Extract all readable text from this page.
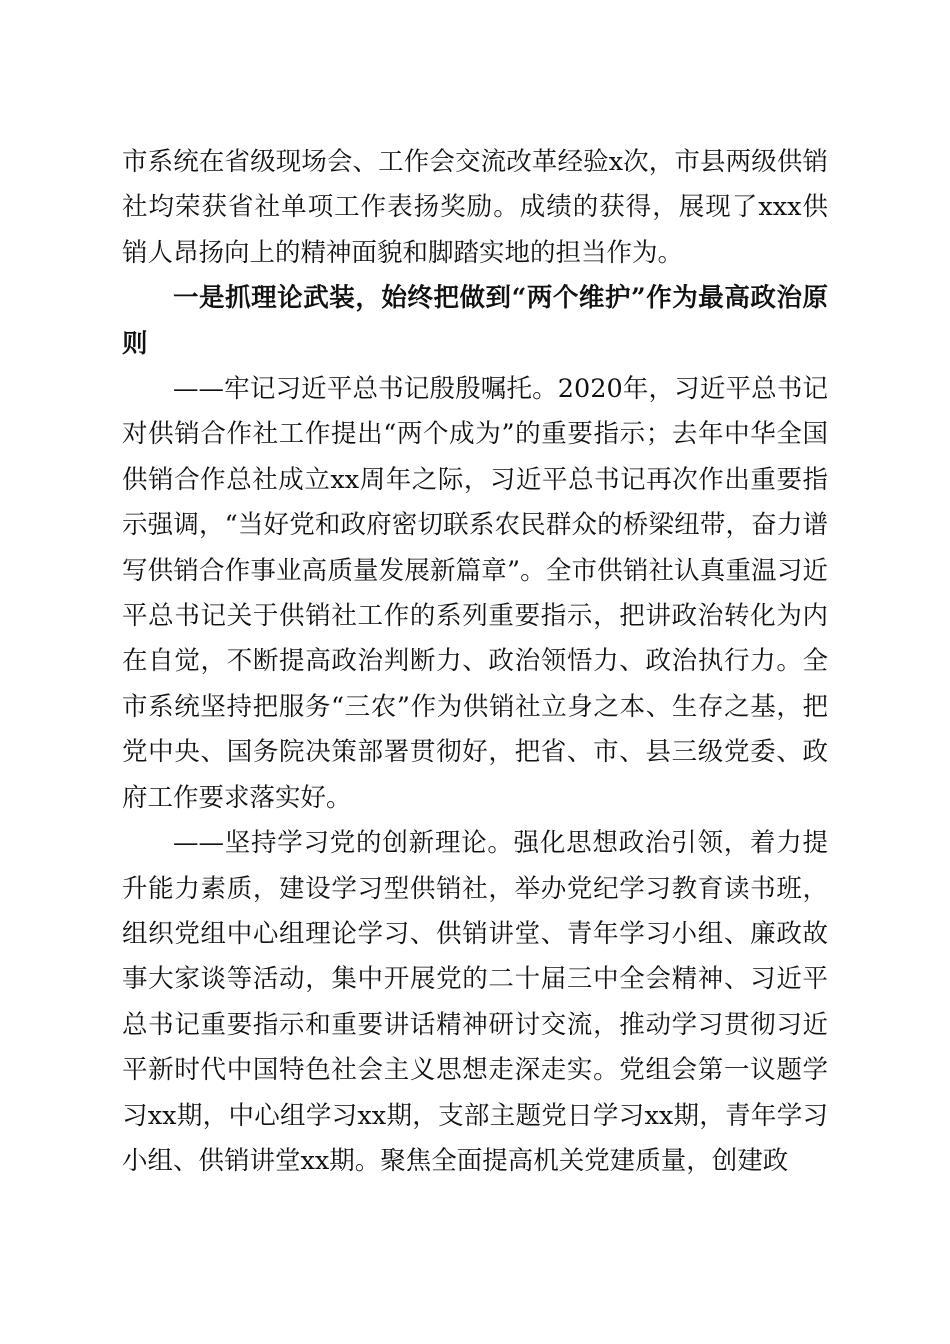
市系统在省级现场会、工作会交流改革经验x次，市县两级供销社均荣获省社单项工作表扬奖励。成绩的获得，展现了xxx供销人昂扬向上的精神面貌和脚踏实地的担当作为。

一是抓理论武装，始终把做到“两个维护”作为最高政治原则

——牢记习近平总书记殷殷嘱托。2020年，习近平总书记对供销合作社工作提出“两个成为”的重要指示；去年中华全国供销合作总社成立xx周年之际，习近平总书记再次作出重要指示强调，“当好党和政府密切联系农民群众的桥梁纽带，奋力谱写供销合作事业高质量发展新篇章”。全市供销社认真重温习近平总书记关于供销社工作的系列重要指示，把讲政治转化为内在自觉，不断提高政治判断力、政治领悟力、政治执行力。全市系统坚持把服务“三农”作为供销社立身之本、生存之基，把党中央、国务院决策部署贯彻好，把省、市、县三级党委、政府工作要求落实好。

——坚持学习党的创新理论。强化思想政治引领，着力提升能力素质，建设学习型供销社，举办党纪学习教育读书班，组织党组中心组理论学习、供销讲堂、青年学习小组、廉政故事大家谈等活动，集中开展党的二十届三中全会精神、习近平总书记重要指示和重要讲话精神研讨交流，推动学习贯彻习近平新时代中国特色社会主义思想走深走实。党组会第一议题学习xx期，中心组学习xx期，支部主题党日学习xx期，青年学习小组、供销讲堂xx期。聚焦全面提高机关党建质量，创建政
